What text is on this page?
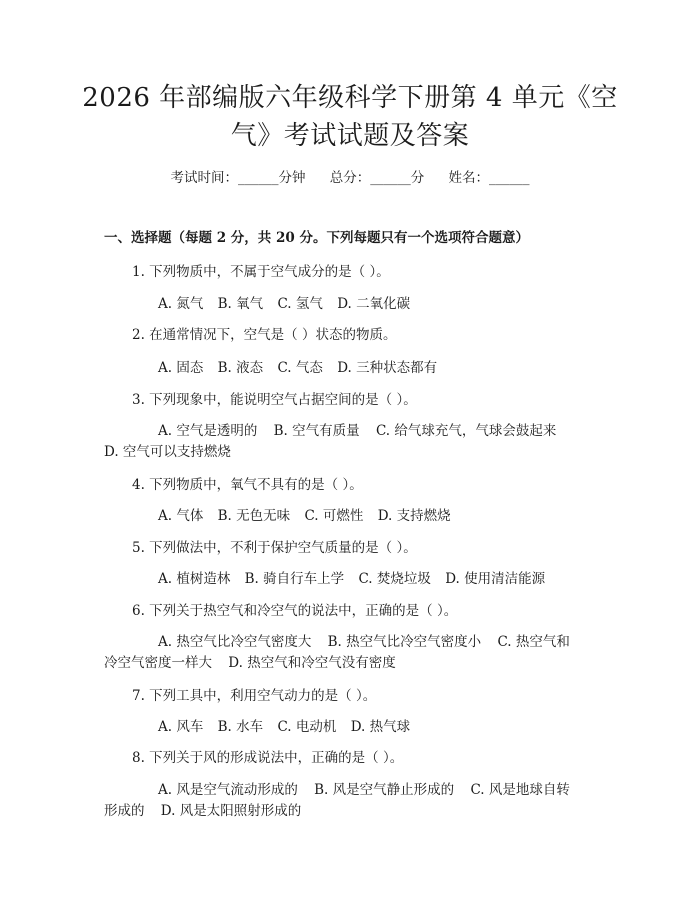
2026 年部编版六年级科学下册第 4 单元《空
气》考试试题及答案
考试时间：______分钟 总分：______分 姓名：______
一、选择题（每题 2 分，共 20 分。下列每题只有一个选项符合题意）
1. 下列物质中，不属于空气成分的是（ ）。
A. 氮气 B. 氧气 C. 氢气 D. 二氧化碳
2. 在通常情况下，空气是（ ）状态的物质。
A. 固态 B. 液态 C. 气态 D. 三种状态都有
3. 下列现象中，能说明空气占据空间的是（ ）。
A. 空气是透明的 B. 空气有质量 C. 给气球充气，气球会鼓起来
D. 空气可以支持燃烧
4. 下列物质中，氧气不具有的是（ ）。
A. 气体 B. 无色无味 C. 可燃性 D. 支持燃烧
5. 下列做法中，不利于保护空气质量的是（ ）。
A. 植树造林 B. 骑自行车上学 C. 焚烧垃圾 D. 使用清洁能源
6. 下列关于热空气和冷空气的说法中，正确的是（ ）。
A. 热空气比冷空气密度大 B. 热空气比冷空气密度小 C. 热空气和
冷空气密度一样大 D. 热空气和冷空气没有密度
7. 下列工具中，利用空气动力的是（ ）。
A. 风车 B. 水车 C. 电动机 D. 热气球
8. 下列关于风的形成说法中，正确的是（ ）。
A. 风是空气流动形成的 B. 风是空气静止形成的 C. 风是地球自转
形成的 D. 风是太阳照射形成的
